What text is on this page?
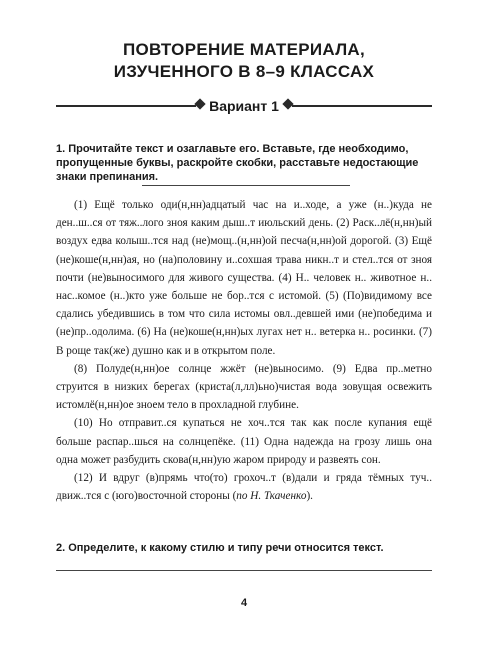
ПОВТОРЕНИЕ МАТЕРИАЛА,
ИЗУЧЕННОГО В 8–9 КЛАССАХ
Вариант 1
1. Прочитайте текст и озаглавьте его. Вставьте, где необходимо, пропущенные буквы, раскройте скобки, расставьте недостающие знаки препинания.

(1) Ещё только оди(н,нн)адцатый час на и..ходе, а уже (н..)куда не ден..ш..ся от тяж..лого зноя каким дыш..т июльский день. (2) Раск..лё(н,нн)ый воздух едва колыш..тся над (не)мощ..(н,нн)ой песча(н,нн)ой дорогой. (3) Ещё (не)коше(н,нн)ая, но (на)половину и..сохшая трава никн..т и стел..тся от зноя почти (не)выносимого для живого существа. (4) Н.. человек н.. животное н.. нас..комое (н..)кто уже больше не бор..тся с истомой. (5) (По)видимому все сдались убедившись в том что сила истомы овл..девшей ими (не)победима и (не)пр..одолима. (6) На (не)коше(н,нн)ых лугах нет н.. ветерка н.. росинки. (7) В роще так(же) душно как и в открытом поле.

(8) Полуде(н,нн)ое солнце жжёт (не)выносимо. (9) Едва пр..метно струится в низких берегах (криста(л,лл)ьно)чистая вода зовущая освежить истомлё(н,нн)ое зноем тело в прохладной глубине.

(10) Но отправит..ся купаться не хоч..тся так как после купания ещё больше распар..шься на солнцепёке. (11) Одна надежда на грозу лишь она одна может разбудить скова(н,нн)ую жаром природу и развеять сон.

(12) И вдруг (в)прямь что(то) грохоч..т (в)дали и гряда тёмных туч.. движ..тся с (юго)восточной стороны (по Н. Ткаченко).

2. Определите, к какому стилю и типу речи относится текст.
4
